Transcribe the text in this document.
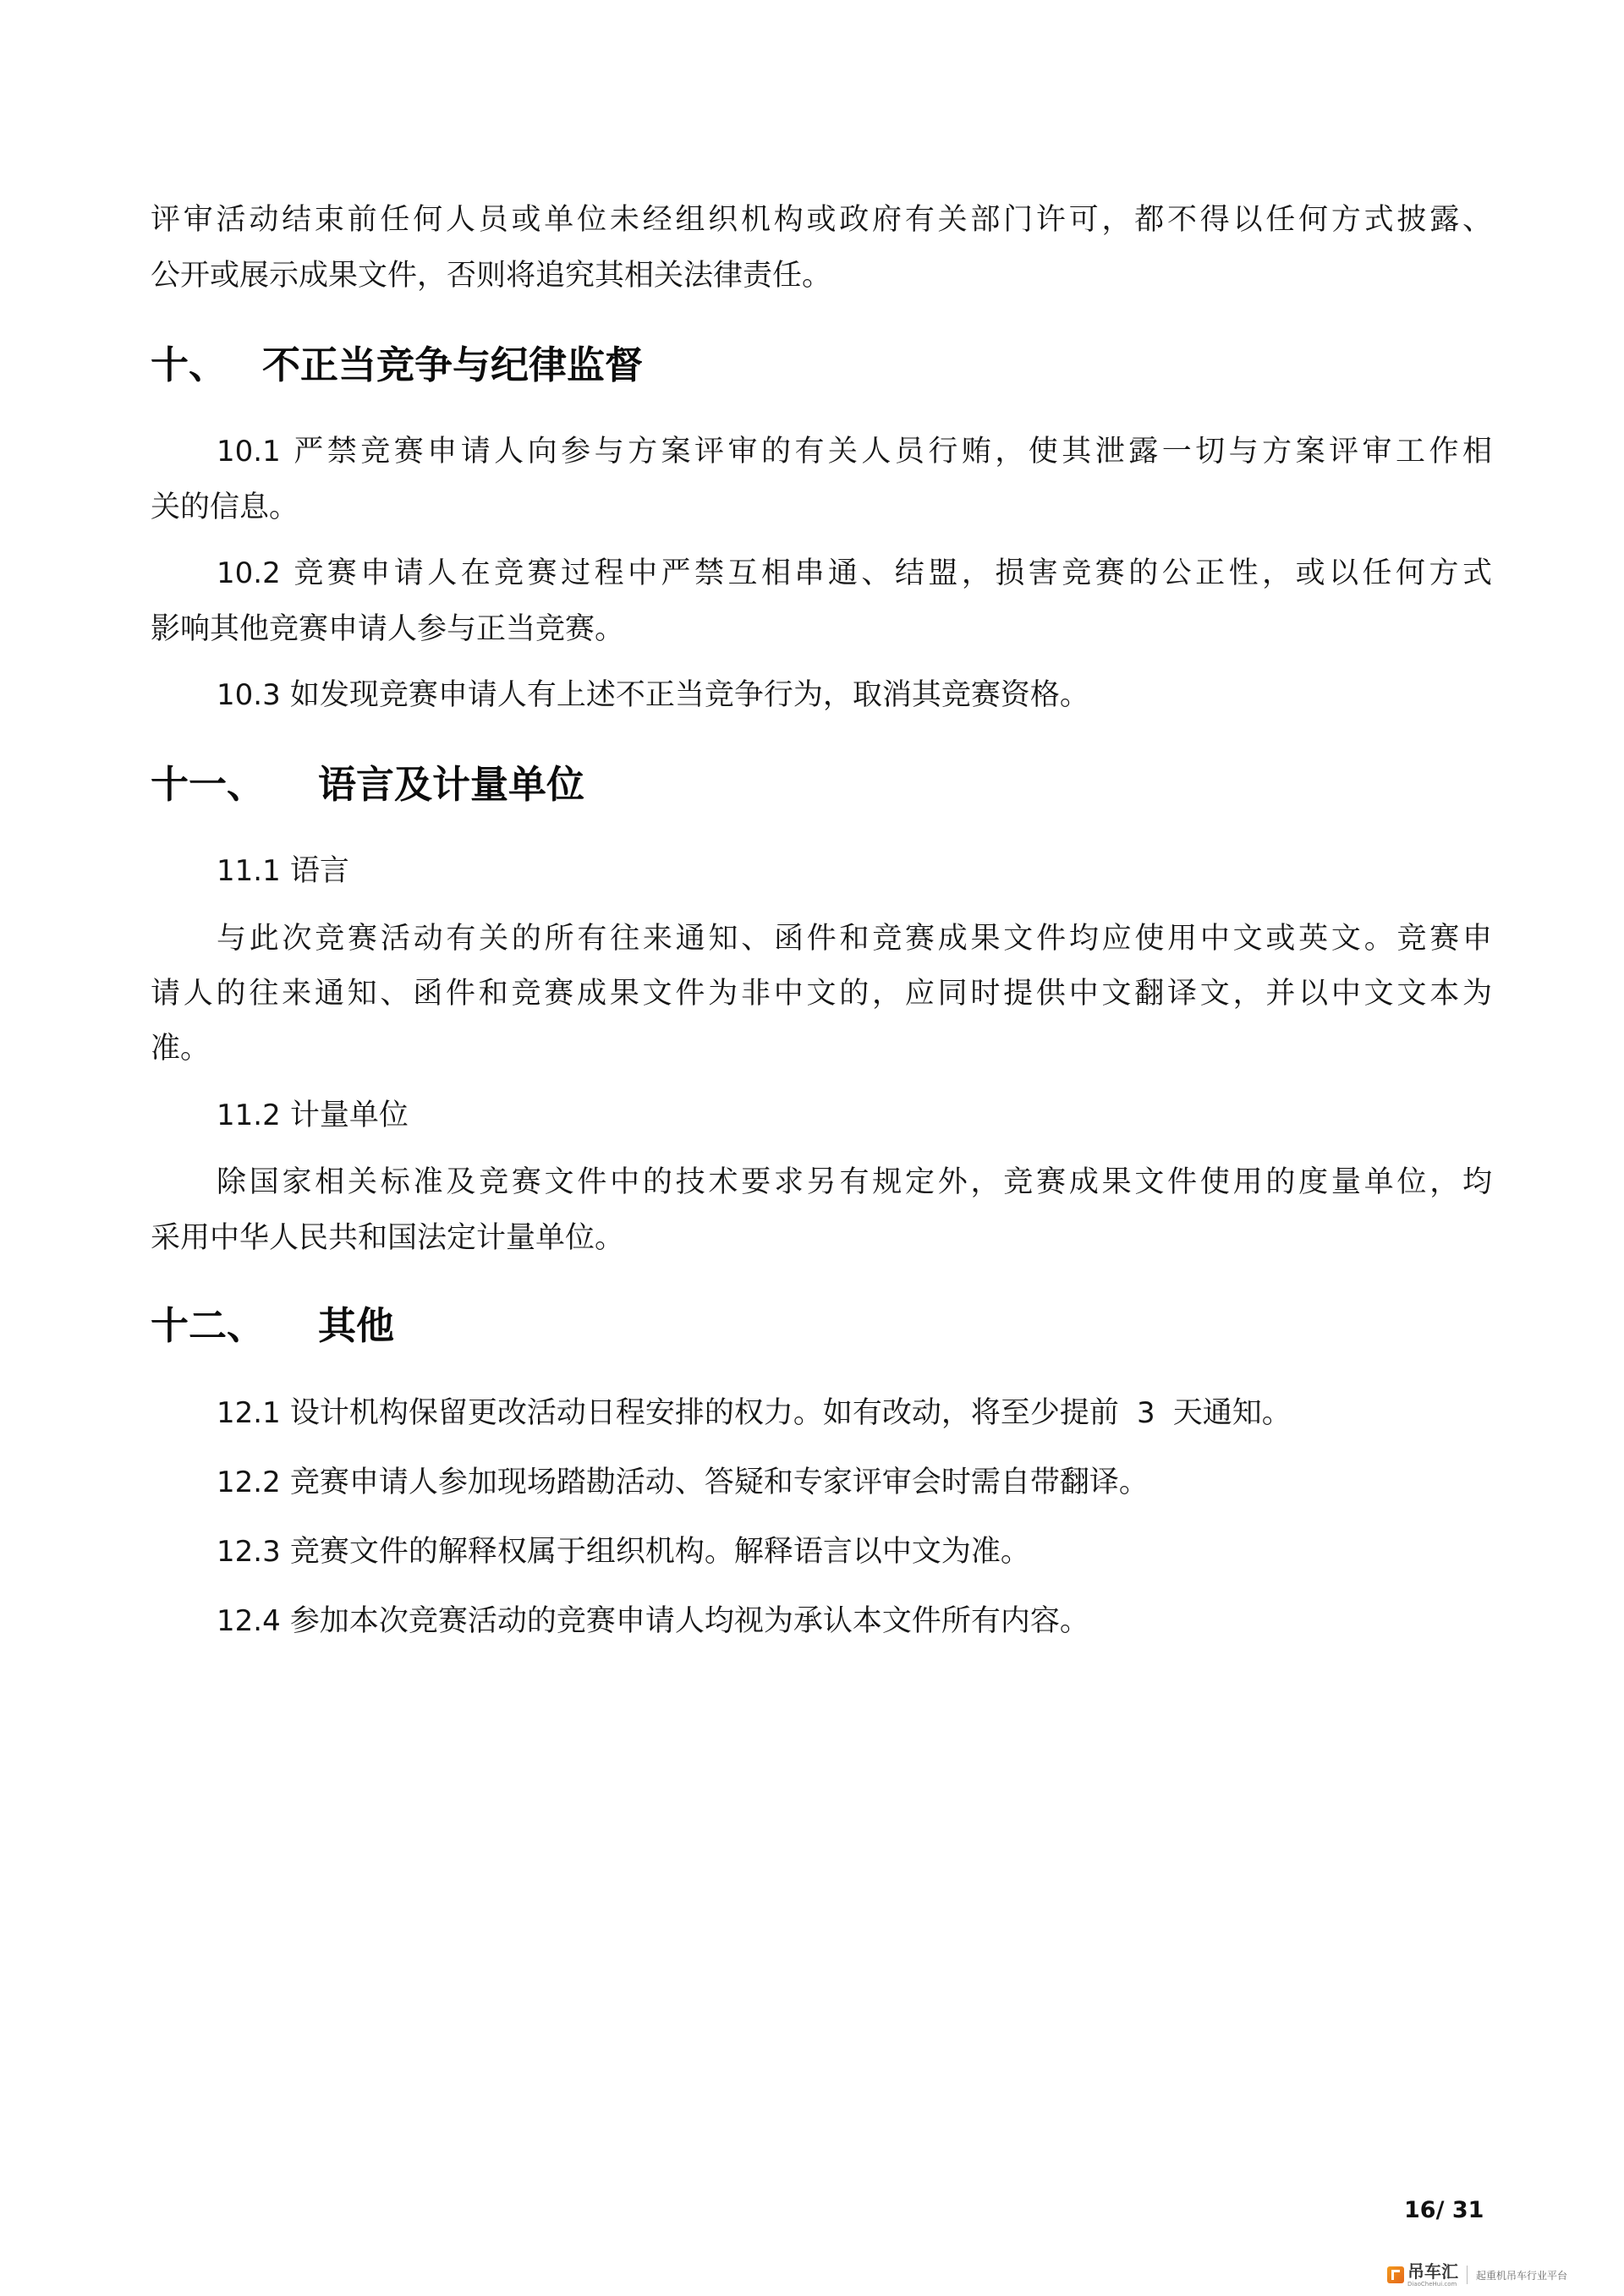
评审活动结束前任何人员或单位未经组织机构或政府有关部门许可，都不得以任何方式披露、
公开或展示成果文件，否则将追究其相关法律责任。
十、 不正当竞争与纪律监督
10.1 严禁竞赛申请人向参与方案评审的有关人员行贿，使其泄露一切与方案评审工作相
关的信息。
10.2 竞赛申请人在竞赛过程中严禁互相串通、结盟，损害竞赛的公正性，或以任何方式
影响其他竞赛申请人参与正当竞赛。
10.3 如发现竞赛申请人有上述不正当竞争行为，取消其竞赛资格。
十一、 语言及计量单位
11.1 语言
与此次竞赛活动有关的所有往来通知、函件和竞赛成果文件均应使用中文或英文。竞赛申
请人的往来通知、函件和竞赛成果文件为非中文的，应同时提供中文翻译文，并以中文文本为
准。
11.2 计量单位
除国家相关标准及竞赛文件中的技术要求另有规定外，竞赛成果文件使用的度量单位，均
采用中华人民共和国法定计量单位。
十二、 其他
12.1 设计机构保留更改活动日程安排的权力。如有改动，将至少提前 3 天通知。
12.2 竞赛申请人参加现场踏勘活动、答疑和专家评审会时需自带翻译。
12.3 竞赛文件的解释权属于组织机构。解释语言以中文为准。
12.4 参加本次竞赛活动的竞赛申请人均视为承认本文件所有内容。
16/ 31
吊车汇
DiaoCheHui.com
起重机吊车行业平台
